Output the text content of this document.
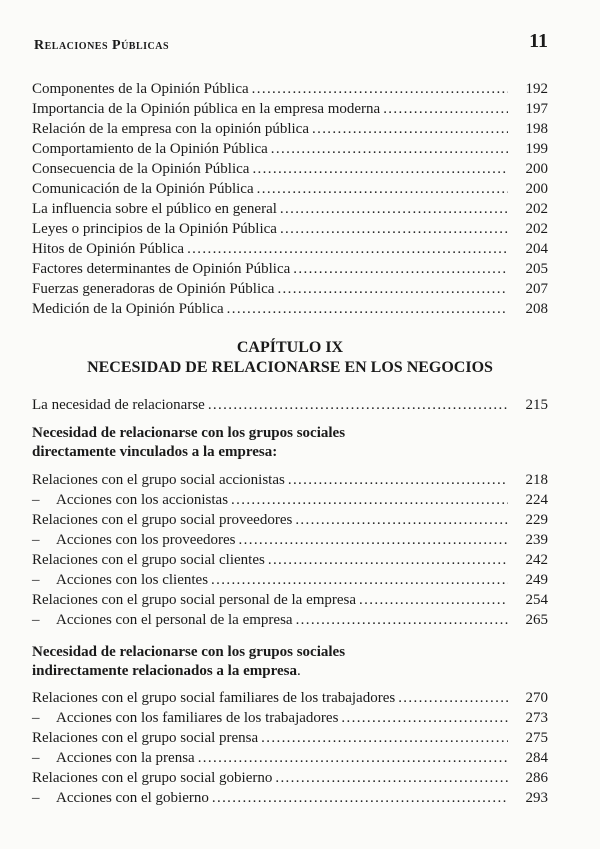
Relaciones Públicas	11
Componentes de la Opinión Pública . . .	192
Importancia de la Opinión pública en la empresa moderna . . .	197
Relación de la empresa con la opinión pública . . .	198
Comportamiento de la Opinión Pública . . .	199
Consecuencia de la Opinión Pública . . .	200
Comunicación de la Opinión Pública . . .	200
La influencia sobre el público en general . . .	202
Leyes o principios de la Opinión Pública . . .	202
Hitos de Opinión Pública . . .	204
Factores determinantes de Opinión Pública . . .	205
Fuerzas generadoras de Opinión Pública . . .	207
Medición de la Opinión Pública . . .	208
CAPÍTULO IX
NECESIDAD DE RELACIONARSE EN LOS NEGOCIOS
La necesidad de relacionarse . . .	215
Necesidad de relacionarse con los grupos sociales
directamente vinculados a la empresa:
Relaciones con el grupo social accionistas . . .	218
–	Acciones con los accionistas . . .	224
Relaciones con el grupo social proveedores . . .	229
–	Acciones con los proveedores . . .	239
Relaciones con el grupo social clientes . . .	242
–	Acciones con los clientes . . .	249
Relaciones con el grupo social personal de la empresa . . .	254
–	Acciones con el personal de la empresa . . .	265
Necesidad de relacionarse con los grupos sociales
indirectamente relacionados a la empresa.
Relaciones con el grupo social familiares de los trabajadores . . .	270
–	Acciones con los familiares de los trabajadores . . .	273
Relaciones con el grupo social prensa . . .	275
–	Acciones con la prensa . . .	284
Relaciones con el grupo social gobierno . . .	286
–	Acciones con el gobierno . . .	293
